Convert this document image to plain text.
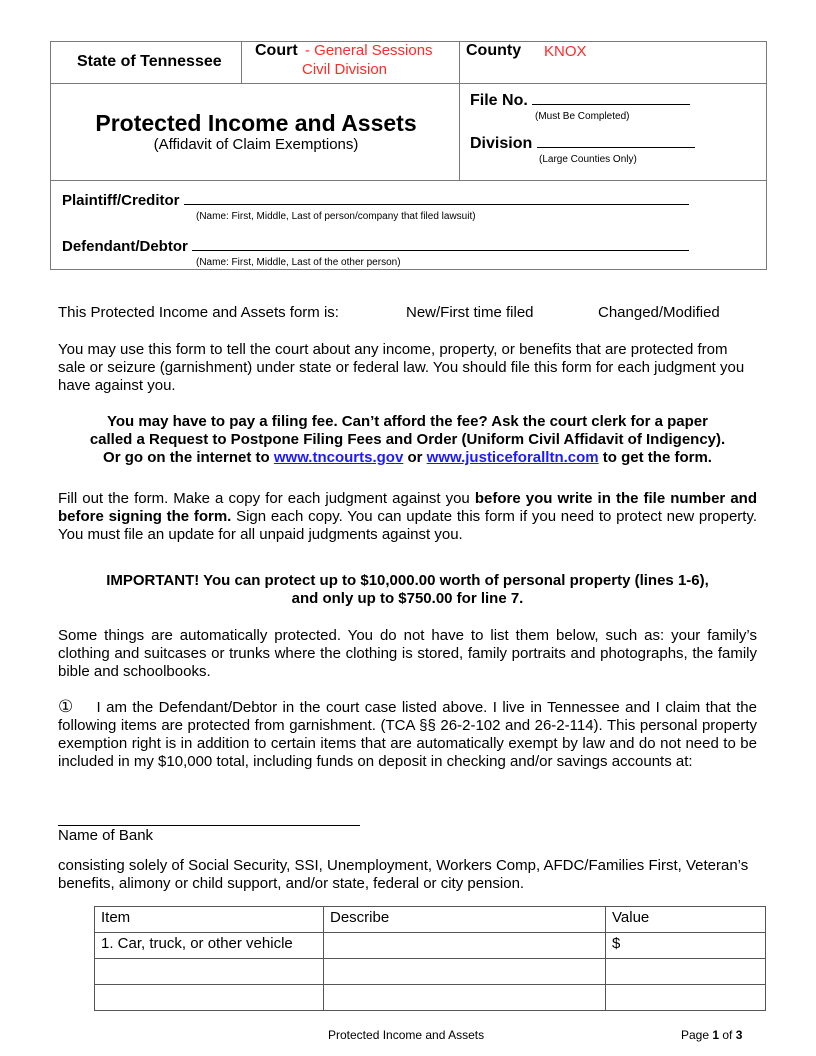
State of Tennessee
Court - General Sessions
Civil Division
County KNOX
Protected Income and Assets
(Affidavit of Claim Exemptions)
File No.
(Must Be Completed)
Division
(Large Counties Only)
Plaintiff/Creditor
(Name: First, Middle, Last of person/company that filed lawsuit)
Defendant/Debtor
(Name: First, Middle, Last of the other person)
This Protected Income and Assets form is:	New/First time filed	Changed/Modified
You may use this form to tell the court about any income, property, or benefits that are protected from sale or seizure (garnishment) under state or federal law. You should file this form for each judgment you have against you.
You may have to pay a filing fee. Can’t afford the fee? Ask the court clerk for a paper
called a Request to Postpone Filing Fees and Order (Uniform Civil Affidavit of Indigency).
Or go on the internet to www.tncourts.gov or www.justiceforalltn.com to get the form.
Fill out the form. Make a copy for each judgment against you before you write in the file number and before signing the form. Sign each copy. You can update this form if you need to protect new property. You must file an update for all unpaid judgments against you.
IMPORTANT! You can protect up to $10,000.00 worth of personal property (lines 1-6),
and only up to $750.00 for line 7.
Some things are automatically protected. You do not have to list them below, such as: your family’s clothing and suitcases or trunks where the clothing is stored, family portraits and photographs, the family bible and schoolbooks.
① I am the Defendant/Debtor in the court case listed above. I live in Tennessee and I claim that the following items are protected from garnishment. (TCA §§ 26-2-102 and 26-2-114). This personal property exemption right is in addition to certain items that are automatically exempt by law and do not need to be included in my $10,000 total, including funds on deposit in checking and/or savings accounts at:
Name of Bank
consisting solely of Social Security, SSI, Unemployment, Workers Comp, AFDC/Families First, Veteran’s benefits, alimony or child support, and/or state, federal or city pension.
Item	Describe	Value
1. Car, truck, or other vehicle		$

Protected Income and Assets	Page 1 of 3
